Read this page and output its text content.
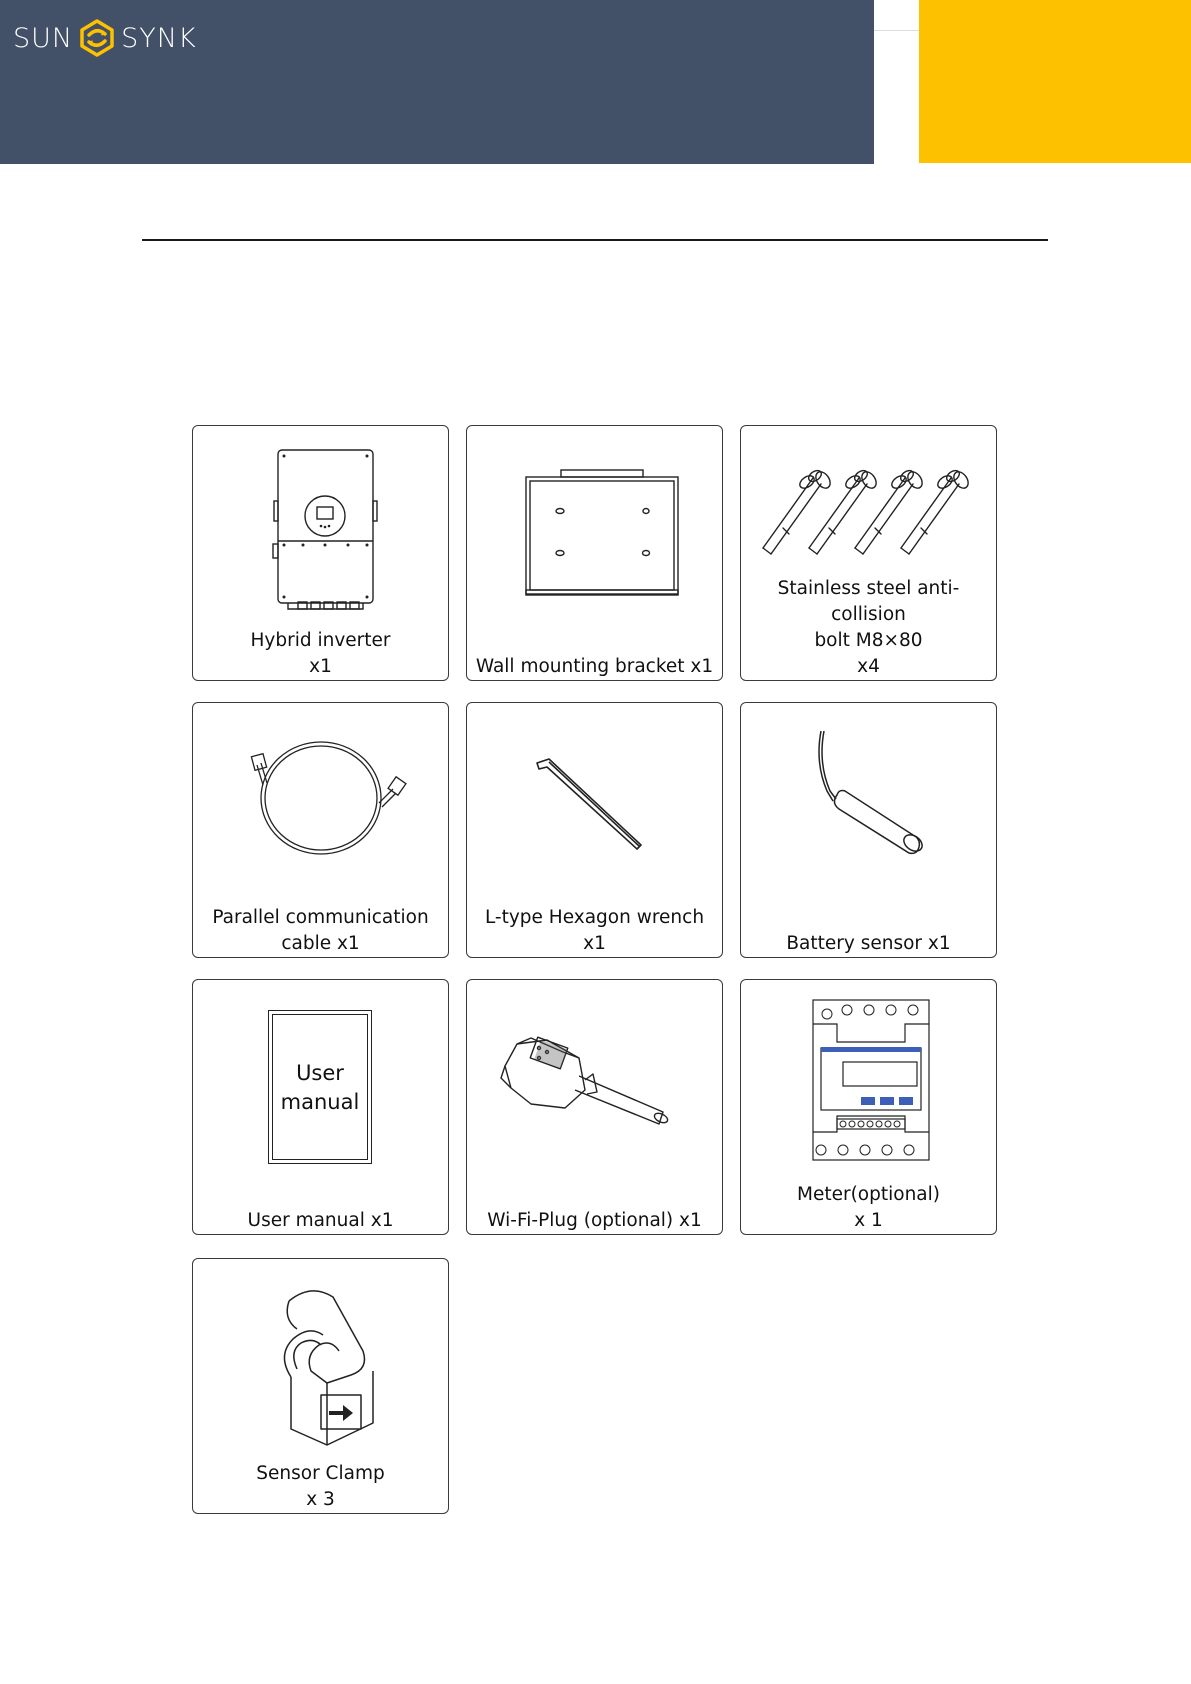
SUN SYNK
Hybrid inverter
x1	Wall mounting bracket x1
Stainless steel anti-collision
bolt M8×80
x4
Parallel communication
cable x1
L-type Hexagon wrench
x1	Battery sensor x1
User
manual
User manual x1	Wi-Fi-Plug (optional) x1
Meter(optional)
x 1
Sensor Clamp
x 3
